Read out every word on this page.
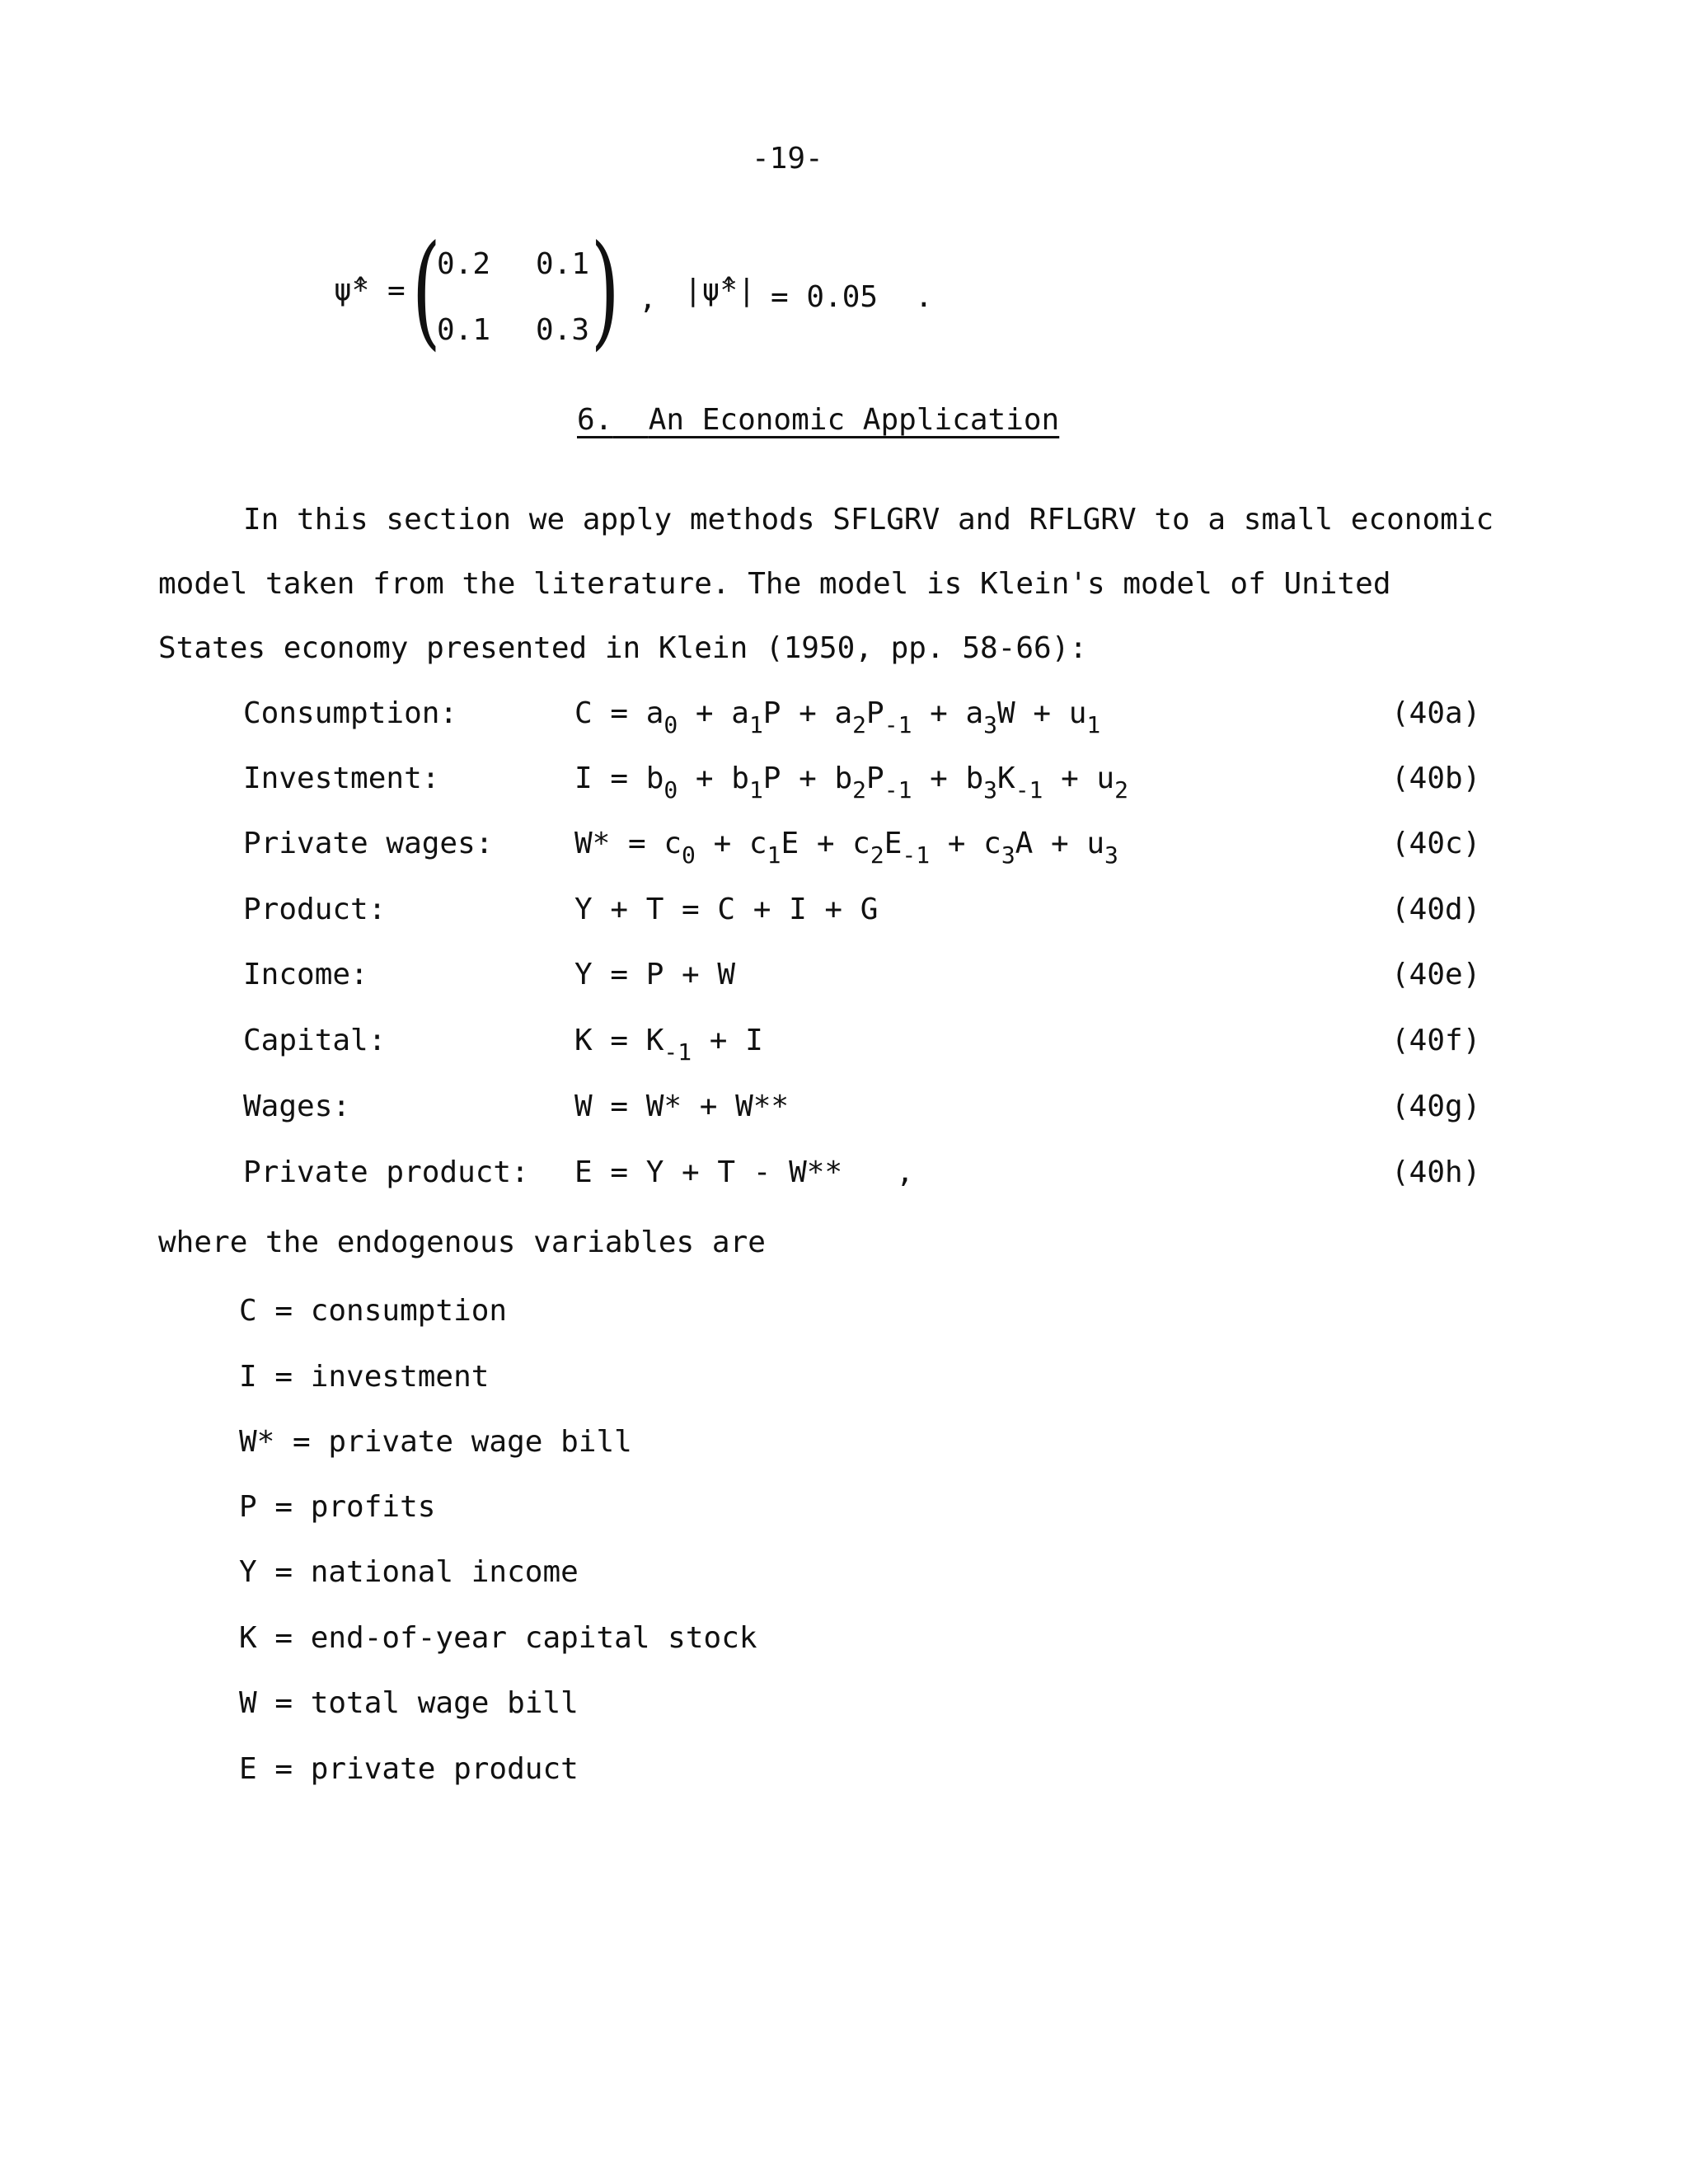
-19-
ψ̂* = (
0.2 0.1
0.1 0.3 ) , |ψ̂*| = 0.05 .
6. An Economic Application
In this section we apply methods SFLGRV and RFLGRV to a small economic
model taken from the literature. The model is Klein's model of United
States economy presented in Klein (1950, pp. 58-66):
Consumption:	$C = a_0 + a_1P + a_2P_{-1} + a_3W + u_1$	(40a)
Investment:	$I = b_0 + b_1P + b_2P_{-1} + b_3K_{-1} + u_2$	(40b)
Private wages:	$W* = c_0 + c_1E + c_2E_{-1} + c_3A + u_3$	(40c)
Product:	Y + T = C + I + G	(40d)
Income:	Y = P + W	(40e)
Capital:	$K = K_{-1} + I$	(40f)
Wages:	W = W* + W**	(40g)
Private product: E = Y + T - W**   ,	(40h)
where the endogenous variables are
C = consumption
I = investment
W* = private wage bill
P = profits
Y = national income
K = end-of-year capital stock
W = total wage bill
E = private product
